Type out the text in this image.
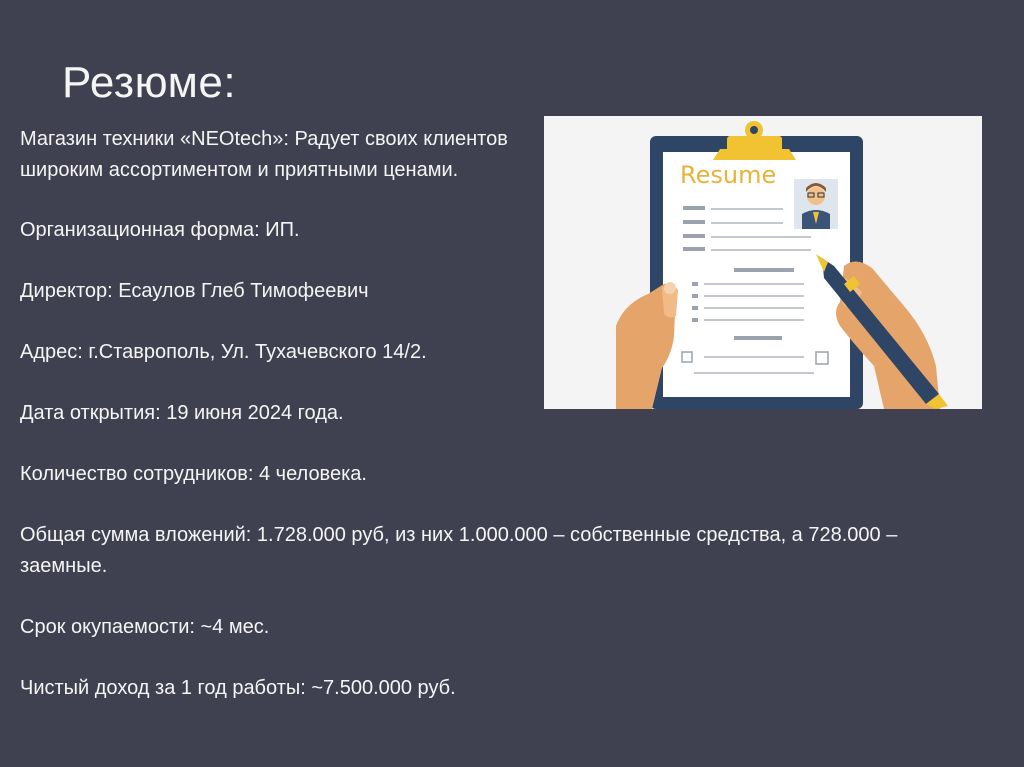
Резюме:

Магазин техники «NEOtech»: Радует своих клиентов широким ассортиментом и приятными ценами.

Организационная форма: ИП.

Директор: Есаулов Глеб Тимофеевич

Адрес: г.Ставрополь, Ул. Тухачевского 14/2.

Дата открытия: 19 июня 2024 года.

Количество сотрудников: 4 человека.

Общая сумма вложений: 1.728.000 руб, из них 1.000.000 – собственные средства, а 728.000 – заемные.

Срок окупаемости: ~4 мес.

Чистый доход за 1 год работы: ~7.500.000 руб.

Resume
